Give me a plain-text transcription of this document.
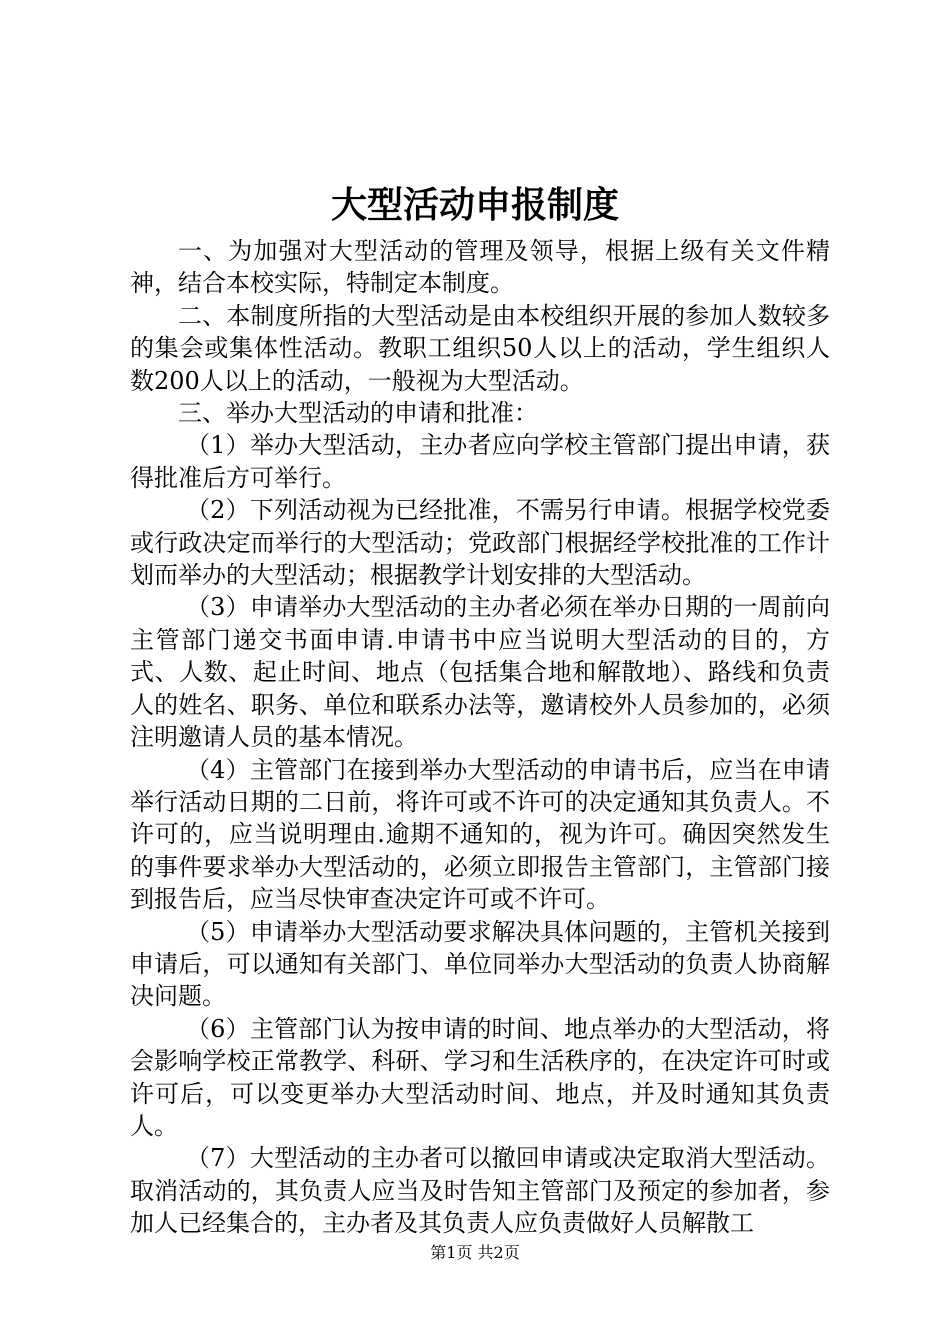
大型活动申报制度

一、为加强对大型活动的管理及领导，根据上级有关文件精神，结合本校实际，特制定本制度。

二、本制度所指的大型活动是由本校组织开展的参加人数较多的集会或集体性活动。教职工组织50人以上的活动，学生组织人数200人以上的活动，一般视为大型活动。

三、举办大型活动的申请和批准：

（1）举办大型活动，主办者应向学校主管部门提出申请，获得批准后方可举行。

（2）下列活动视为已经批准，不需另行申请。根据学校党委或行政决定而举行的大型活动；党政部门根据经学校批准的工作计划而举办的大型活动；根据教学计划安排的大型活动。

（3）申请举办大型活动的主办者必须在举办日期的一周前向主管部门递交书面申请.申请书中应当说明大型活动的目的，方式、人数、起止时间、地点（包括集合地和解散地）、路线和负责人的姓名、职务、单位和联系办法等，邀请校外人员参加的，必须注明邀请人员的基本情况。

（4）主管部门在接到举办大型活动的申请书后，应当在申请举行活动日期的二日前，将许可或不许可的决定通知其负责人。不许可的，应当说明理由.逾期不通知的，视为许可。确因突然发生的事件要求举办大型活动的，必须立即报告主管部门，主管部门接到报告后，应当尽快审查决定许可或不许可。

（5）申请举办大型活动要求解决具体问题的，主管机关接到申请后，可以通知有关部门、单位同举办大型活动的负责人协商解决问题。

（6）主管部门认为按申请的时间、地点举办的大型活动，将会影响学校正常教学、科研、学习和生活秩序的，在决定许可时或许可后，可以变更举办大型活动时间、地点，并及时通知其负责人。

（7）大型活动的主办者可以撤回申请或决定取消大型活动。取消活动的，其负责人应当及时告知主管部门及预定的参加者，参加人已经集合的，主办者及其负责人应负责做好人员解散工

第1页 共2页
